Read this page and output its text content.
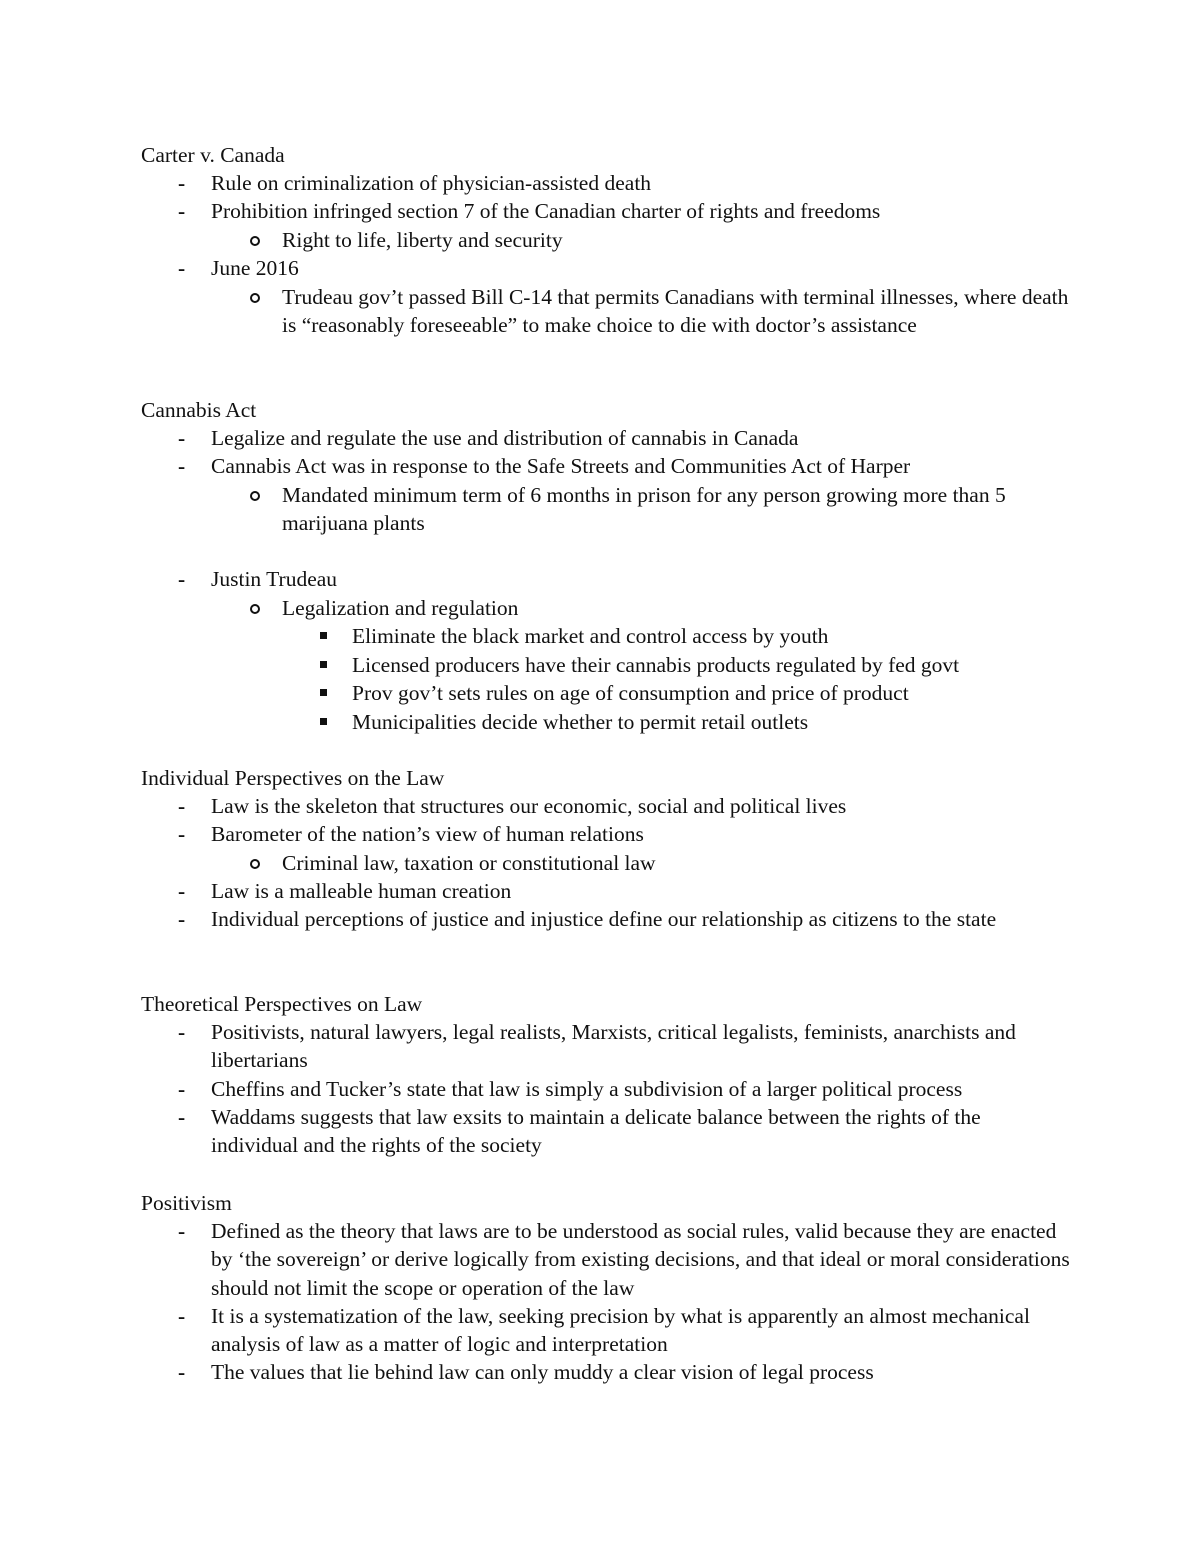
Carter v. Canada
- Rule on criminalization of physician-assisted death
- Prohibition infringed section 7 of the Canadian charter of rights and freedoms
Right to life, liberty and security
- June 2016
Trudeau gov’t passed Bill C-14 that permits Canadians with terminal illnesses, where death is “reasonably foreseeable” to make choice to die with doctor’s assistance
Cannabis Act
- Legalize and regulate the use and distribution of cannabis in Canada
- Cannabis Act was in response to the Safe Streets and Communities Act of Harper
Mandated minimum term of 6 months in prison for any person growing more than 5 marijuana plants
- Justin Trudeau
Legalization and regulation
Eliminate the black market and control access by youth
Licensed producers have their cannabis products regulated by fed govt
Prov gov’t sets rules on age of consumption and price of product
Municipalities decide whether to permit retail outlets
Individual Perspectives on the Law
- Law is the skeleton that structures our economic, social and political lives
- Barometer of the nation’s view of human relations
Criminal law, taxation or constitutional law
- Law is a malleable human creation
- Individual perceptions of justice and injustice define our relationship as citizens to the state
Theoretical Perspectives on Law
- Positivists, natural lawyers, legal realists, Marxists, critical legalists, feminists, anarchists and libertarians
- Cheffins and Tucker’s state that law is simply a subdivision of a larger political process
- Waddams suggests that law exsits to maintain a delicate balance between the rights of the individual and the rights of the society
Positivism
- Defined as the theory that laws are to be understood as social rules, valid because they are enacted by ‘the sovereign’ or derive logically from existing decisions, and that ideal or moral considerations should not limit the scope or operation of the law
- It is a systematization of the law, seeking precision by what is apparently an almost mechanical analysis of law as a matter of logic and interpretation
- The values that lie behind law can only muddy a clear vision of legal process
